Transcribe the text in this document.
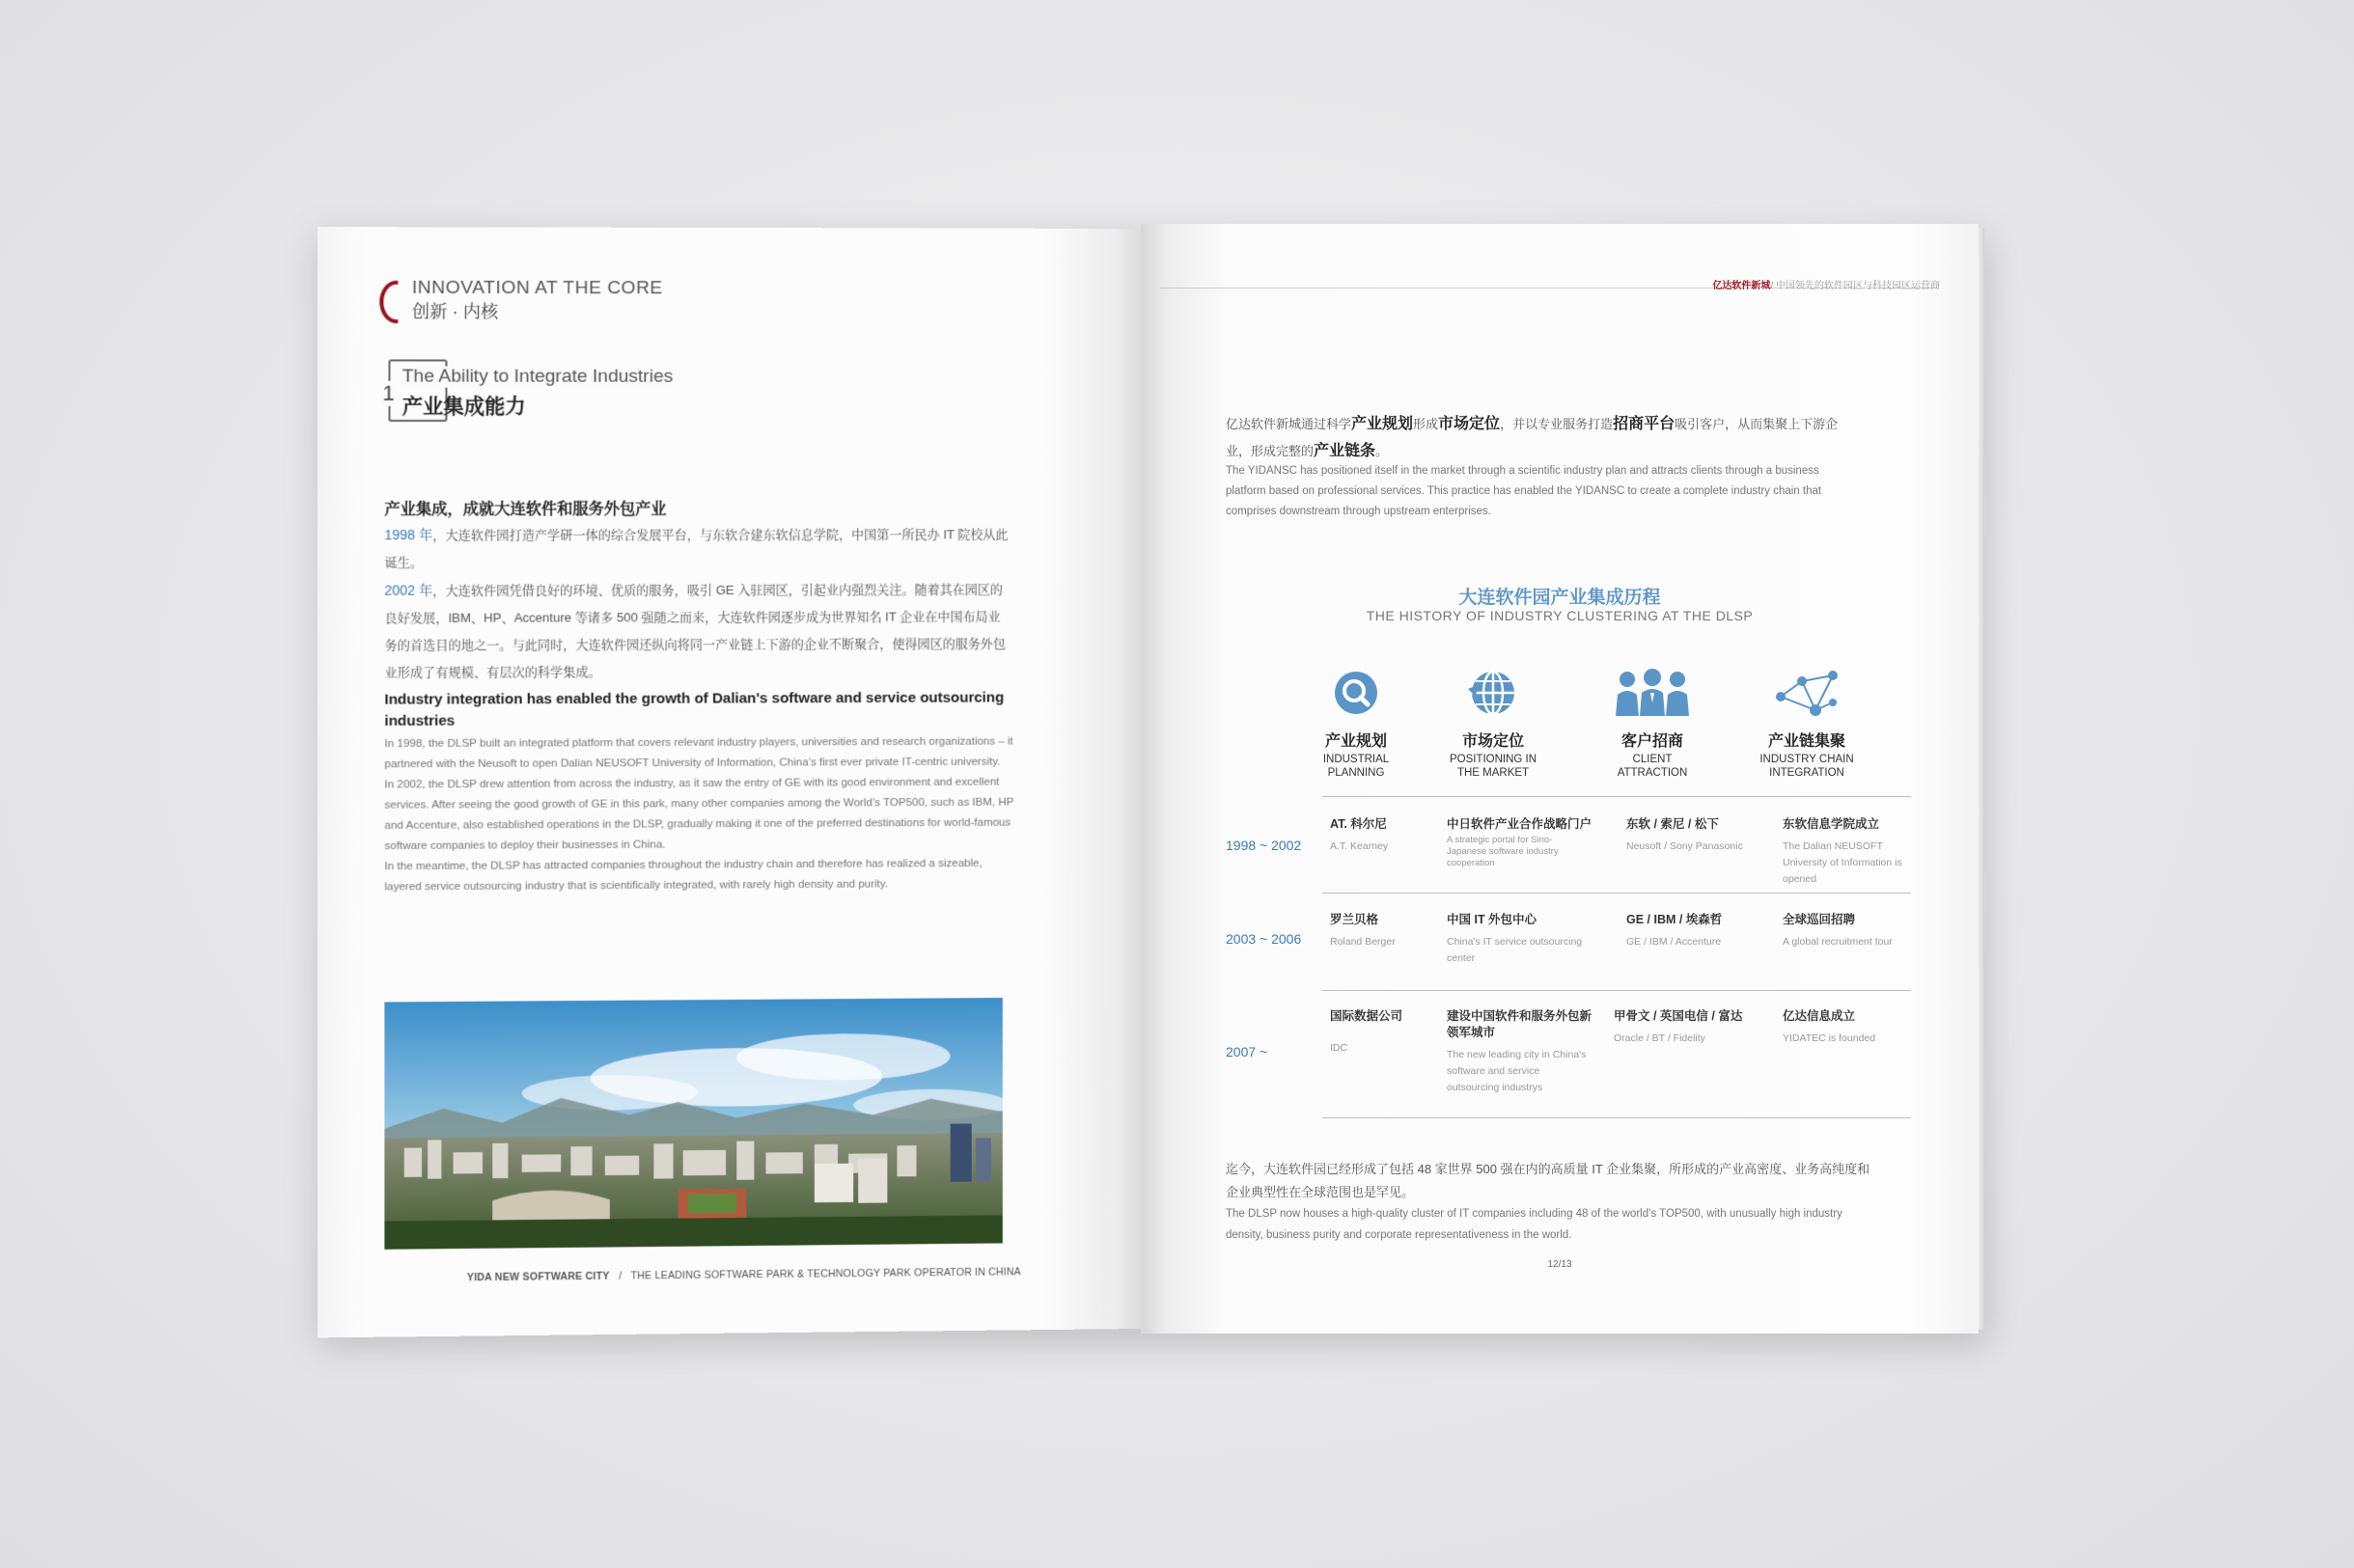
INNOVATION AT THE CORE
创新 · 内核
1
The Ability to Integrate Industries
产业集成能力
产业集成，成就大连软件和服务外包产业
1998 年，大连软件园打造产学研一体的综合发展平台，与东软合建东软信息学院，中国第一所民办 IT 院校从此诞生。
2002 年，大连软件园凭借良好的环境、优质的服务，吸引 GE 入驻园区，引起业内强烈关注。随着其在园区的良好发展，IBM、HP、Accenture 等诸多 500 强随之而来，大连软件园逐步成为世界知名 IT 企业在中国布局业务的首选目的地之一。与此同时，大连软件园还纵向将同一产业链上下游的企业不断聚合，使得园区的服务外包业形成了有规模、有层次的科学集成。
Industry integration has enabled the growth of Dalian's software and service outsourcing industries
In 1998, the DLSP built an integrated platform that covers relevant industry players, universities and research organizations – it partnered with the Neusoft to open Dalian NEUSOFT University of Information, China’s first ever private IT-centric university.
In 2002, the DLSP drew attention from across the industry, as it saw the entry of GE with its good environment and excellent services. After seeing the good growth of GE in this park, many other companies among the World’s TOP500, such as IBM, HP and Accenture, also established operations in the DLSP, gradually making it one of the preferred destinations for world-famous software companies to deploy their businesses in China.
In the meantime, the DLSP has attracted companies throughout the industry chain and therefore has realized a sizeable, layered service outsourcing industry that is scientifically integrated, with rarely high density and purity.
YIDA NEW SOFTWARE CITY / THE LEADING SOFTWARE PARK & TECHNOLOGY PARK OPERATOR IN CHINA
亿达软件新城/ 中国领先的软件园区与科技园区运营商
亿达软件新城通过科学产业规划形成市场定位，并以专业服务打造招商平台吸引客户，从而集聚上下游企业，形成完整的产业链条。
The YIDANSC has positioned itself in the market through a scientific industry plan and attracts clients through a business platform based on professional services. This practice has enabled the YIDANSC to create a complete industry chain that comprises downstream through upstream enterprises.
大连软件园产业集成历程
THE HISTORY OF INDUSTRY CLUSTERING AT THE DLSP
产业规划
INDUSTRIAL
PLANNING
市场定位
POSITIONING IN
THE MARKET
客户招商
CLIENT
ATTRACTION
产业链集聚
INDUSTRY CHAIN
INTEGRATION
1998 ~ 2002
AT. 科尔尼
A.T. Kearney
中日软件产业合作战略门户
A strategic portal for Sino-Japanese software industry cooperation
东软 / 索尼 / 松下
Neusoft / Sony Panasonic
东软信息学院成立
The Dalian NEUSOFT University of Information is opened
2003 ~ 2006
罗兰贝格
Roland Berger
中国 IT 外包中心
China's IT service outsourcing center
GE / IBM / 埃森哲
GE / IBM / Accenture
全球巡回招聘
A global recruitment tour
2007 ~
国际数据公司
IDC
建设中国软件和服务外包新领军城市
The new leading city in China's software and service outsourcing industrys
甲骨文 / 英国电信 / 富达
Oracle / BT / Fidelity
亿达信息成立
YIDATEC is founded
迄今，大连软件园已经形成了包括 48 家世界 500 强在内的高质量 IT 企业集聚，所形成的产业高密度、业务高纯度和企业典型性在全球范围也是罕见。
The DLSP now houses a high-quality cluster of IT companies including 48 of the world’s TOP500, with unusually high industry density, business purity and corporate representativeness in the world.
12/13
